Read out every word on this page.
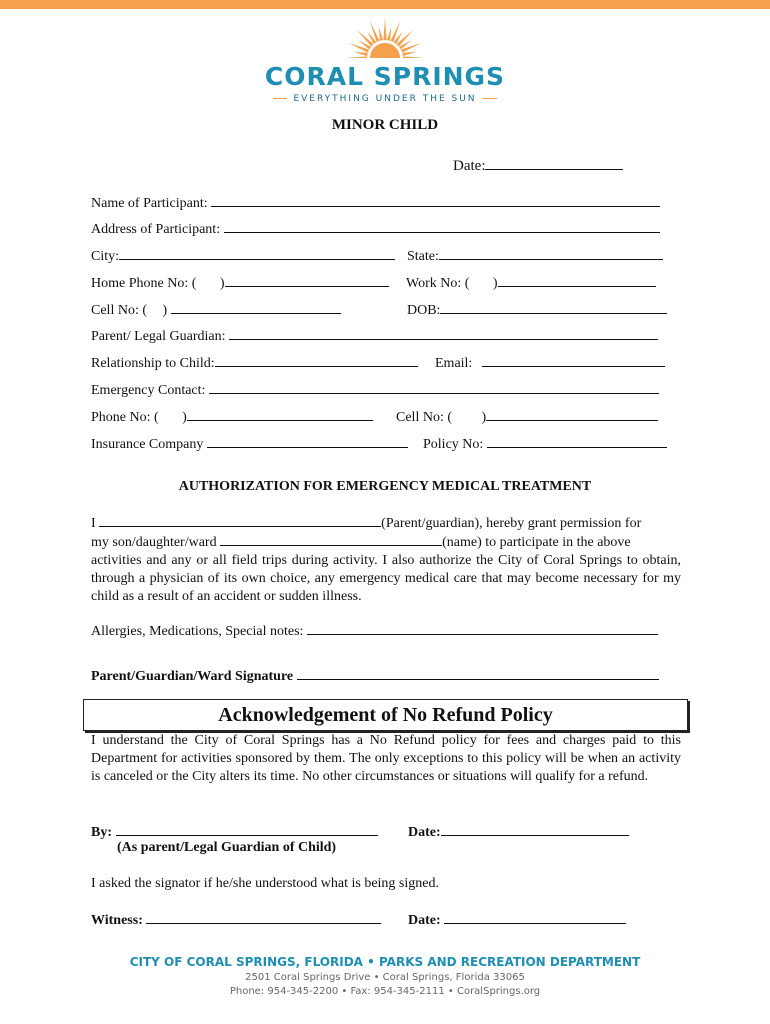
CORAL SPRINGS
EVERYTHING UNDER THE SUN
MINOR CHILD
Date:
Name of Participant:
Address of Participant:
City:	State:
Home Phone No: ( )	Work No: ( )
Cell No: ( )	DOB:
Parent/ Legal Guardian:
Relationship to Child:	Email:
Emergency Contact:
Phone No: ( )	Cell No: ( )
Insurance Company	Policy No:
AUTHORIZATION FOR EMERGENCY MEDICAL TREATMENT
I	(Parent/guardian), hereby grant permission for
my son/daughter/ward	(name) to participate in the above
activities and any or all field trips during activity. I also authorize the City of Coral Springs to obtain, through a physician of its own choice, any emergency medical care that may become necessary for my child as a result of an accident or sudden illness.
Allergies, Medications, Special notes:
Parent/Guardian/Ward Signature
Acknowledgement of No Refund Policy
I understand the City of Coral Springs has a No Refund policy for fees and charges paid to this Department for activities sponsored by them. The only exceptions to this policy will be when an activity is canceled or the City alters its time. No other circumstances or situations will qualify for a refund.
By:	Date:
(As parent/Legal Guardian of Child)
I asked the signator if he/she understood what is being signed.
Witness:	Date:
CITY OF CORAL SPRINGS, FLORIDA • PARKS AND RECREATION DEPARTMENT
2501 Coral Springs Drive • Coral Springs, Florida 33065
Phone: 954-345-2200 • Fax: 954-345-2111 • CoralSprings.org
